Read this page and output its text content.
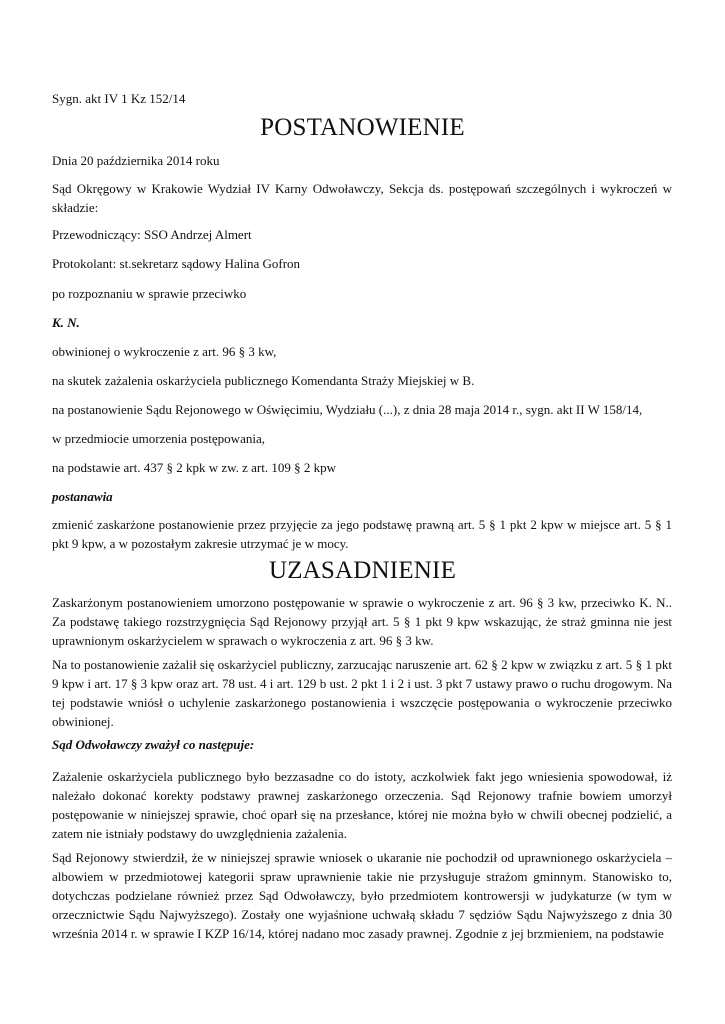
Sygn. akt IV 1 Kz 152/14
POSTANOWIENIE
Dnia 20 października 2014 roku
Sąd Okręgowy w Krakowie Wydział IV Karny Odwoławczy, Sekcja ds. postępowań szczególnych i wykroczeń w składzie:
Przewodniczący: SSO Andrzej Almert
Protokolant: st.sekretarz sądowy Halina Gofron
po rozpoznaniu w sprawie przeciwko
K. N.
obwinionej o wykroczenie z art. 96 § 3 kw,
na skutek zażalenia oskarżyciela publicznego Komendanta Straży Miejskiej w B.
na postanowienie Sądu Rejonowego w Oświęcimiu, Wydziału (...), z dnia 28 maja 2014 r., sygn. akt II W 158/14,
w przedmiocie umorzenia postępowania,
na podstawie art. 437 § 2 kpk w zw. z art. 109 § 2 kpw
postanawia
zmienić zaskarżone postanowienie przez przyjęcie za jego podstawę prawną art. 5 § 1 pkt 2 kpw w miejsce art. 5 § 1 pkt 9 kpw, a w pozostałym zakresie utrzymać je w mocy.
UZASADNIENIE
Zaskarżonym postanowieniem umorzono postępowanie w sprawie o wykroczenie z art. 96 § 3 kw, przeciwko K. N.. Za podstawę takiego rozstrzygnięcia Sąd Rejonowy przyjął art. 5 § 1 pkt 9 kpw wskazując, że straż gminna nie jest uprawnionym oskarżycielem w sprawach o wykroczenia z art. 96 § 3 kw.
Na to postanowienie zażalił się oskarżyciel publiczny, zarzucając naruszenie art. 62 § 2 kpw w związku z art. 5 § 1 pkt 9 kpw i art. 17 § 3 kpw oraz art. 78 ust. 4 i art. 129 b ust. 2 pkt 1 i 2 i ust. 3 pkt 7 ustawy prawo o ruchu drogowym. Na tej podstawie wniósł o uchylenie zaskarżonego postanowienia i wszczęcie postępowania o wykroczenie przeciwko obwinionej.
Sąd Odwoławczy zważył co następuje:
Zażalenie oskarżyciela publicznego było bezzasadne co do istoty, aczkolwiek fakt jego wniesienia spowodował, iż należało dokonać korekty podstawy prawnej zaskarżonego orzeczenia. Sąd Rejonowy trafnie bowiem umorzył postępowanie w niniejszej sprawie, choć oparł się na przesłance, której nie można było w chwili obecnej podzielić, a zatem nie istniały podstawy do uwzględnienia zażalenia.
Sąd Rejonowy stwierdził, że w niniejszej sprawie wniosek o ukaranie nie pochodził od uprawnionego oskarżyciela – albowiem w przedmiotowej kategorii spraw uprawnienie takie nie przysługuje strażom gminnym. Stanowisko to, dotychczas podzielane również przez Sąd Odwoławczy, było przedmiotem kontrowersji w judykaturze (w tym w orzecznictwie Sądu Najwyższego). Zostały one wyjaśnione uchwałą składu 7 sędziów Sądu Najwyższego z dnia 30 września 2014 r. w sprawie I KZP 16/14, której nadano moc zasady prawnej. Zgodnie z jej brzmieniem, na podstawie
